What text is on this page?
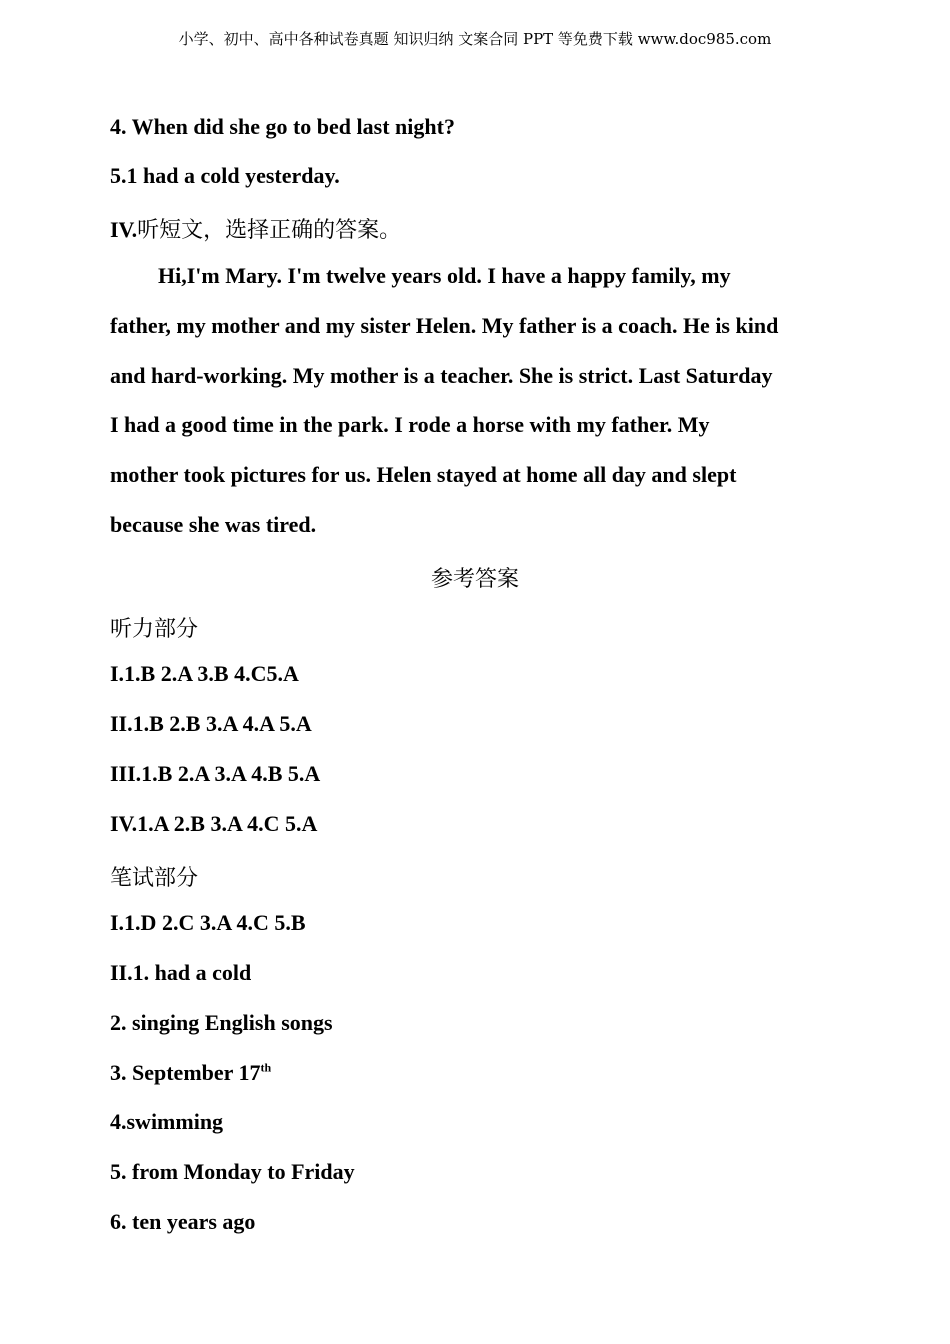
小学、初中、高中各种试卷真题 知识归纳 文案合同 PPT 等免费下载 www.doc985.com
4. When did she go to bed last night?
5.1 had a cold yesterday.
IV.听短文，选择正确的答案。
Hi,I'm Mary. I'm twelve years old. I have a happy family, my
father, my mother and my sister Helen. My father is a coach. He is kind
and hard-working. My mother is a teacher. She is strict. Last Saturday
I had a good time in the park. I rode a horse with my father. My
mother took pictures for us. Helen stayed at home all day and slept
because she was tired.
参考答案
听力部分
I.1.B 2.A 3.B 4.C5.A
II.1.B 2.B 3.A 4.A 5.A
III.1.B 2.A 3.A 4.B 5.A
IV.1.A 2.B 3.A 4.C 5.A
笔试部分
I.1.D 2.C 3.A 4.C 5.B
II.1. had a cold
2. singing English songs
3. September 17th
4.swimming
5. from Monday to Friday
6. ten years ago
